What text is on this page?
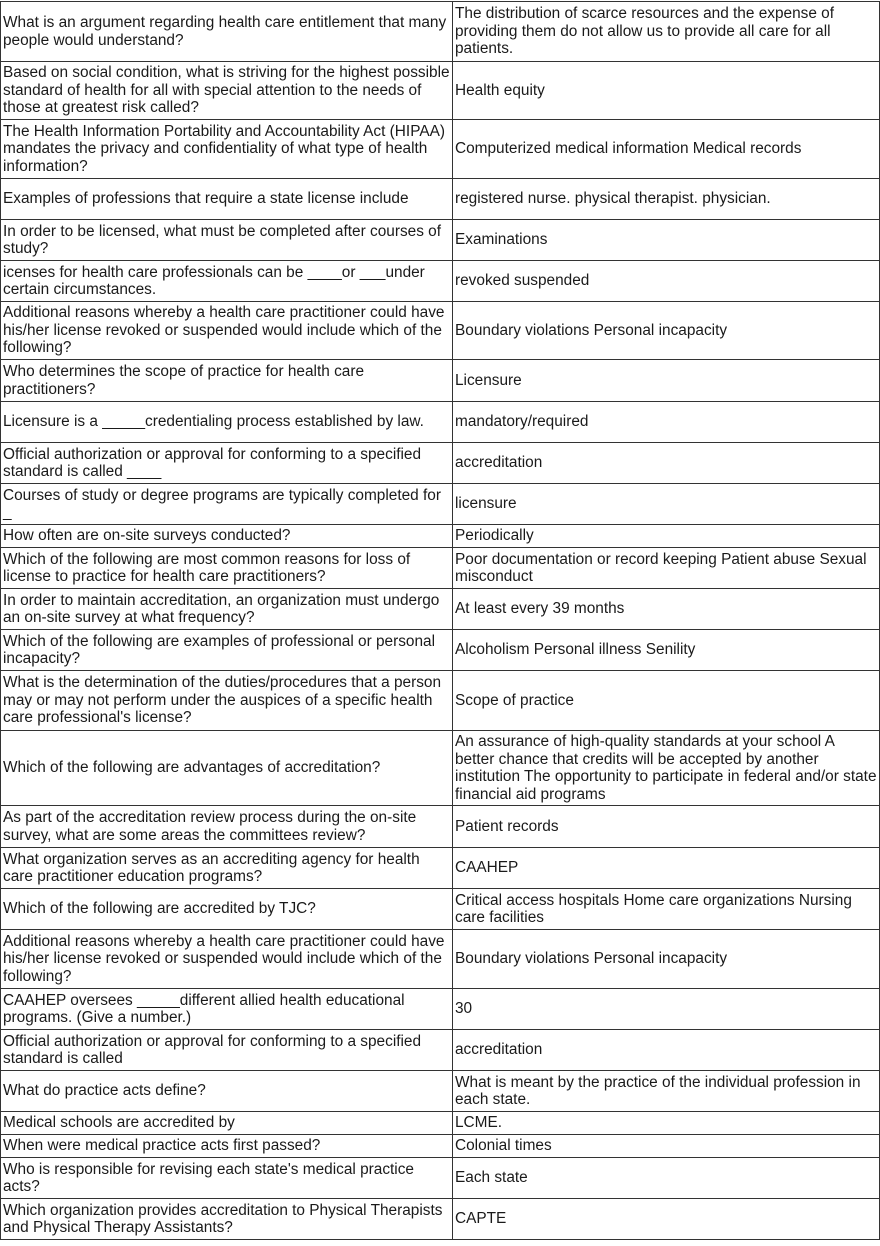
What is an argument regarding health care entitlement that many people would understand?	The distribution of scarce resources and the expense of providing them do not allow us to provide all care for all patients.
Based on social condition, what is striving for the highest possible standard of health for all with special attention to the needs of those at greatest risk called?	Health equity
The Health Information Portability and Accountability Act (HIPAA) mandates the privacy and confidentiality of what type of health information?	Computerized medical information Medical records
Examples of professions that require a state license include	registered nurse. physical therapist. physician.
In order to be licensed, what must be completed after courses of study?	Examinations
icenses for health care professionals can be ____or ___under certain circumstances.	revoked suspended
Additional reasons whereby a health care practitioner could have his/her license revoked or suspended would include which of the following?	Boundary violations Personal incapacity
Who determines the scope of practice for health care practitioners?	Licensure
Licensure is a _____credentialing process established by law.	mandatory/required
Official authorization or approval for conforming to a specified standard is called ____	accreditation
Courses of study or degree programs are typically completed for _	licensure
How often are on-site surveys conducted?	Periodically
Which of the following are most common reasons for loss of license to practice for health care practitioners?	Poor documentation or record keeping Patient abuse Sexual misconduct
In order to maintain accreditation, an organization must undergo an on-site survey at what frequency?	At least every 39 months
Which of the following are examples of professional or personal incapacity?	Alcoholism Personal illness Senility
What is the determination of the duties/procedures that a person may or may not perform under the auspices of a specific health care professional's license?	Scope of practice
Which of the following are advantages of accreditation?	An assurance of high-quality standards at your school A better chance that credits will be accepted by another institution The opportunity to participate in federal and/or state financial aid programs
As part of the accreditation review process during the on-site survey, what are some areas the committees review?	Patient records
What organization serves as an accrediting agency for health care practitioner education programs?	CAAHEP
Which of the following are accredited by TJC?	Critical access hospitals Home care organizations Nursing care facilities
Additional reasons whereby a health care practitioner could have his/her license revoked or suspended would include which of the following?	Boundary violations Personal incapacity
CAAHEP oversees _____different allied health educational programs. (Give a number.)	30
Official authorization or approval for conforming to a specified standard is called	accreditation
What do practice acts define?	What is meant by the practice of the individual profession in each state.
Medical schools are accredited by	LCME.
When were medical practice acts first passed?	Colonial times
Who is responsible for revising each state's medical practice acts?	Each state
Which organization provides accreditation to Physical Therapists and Physical Therapy Assistants?	CAPTE
